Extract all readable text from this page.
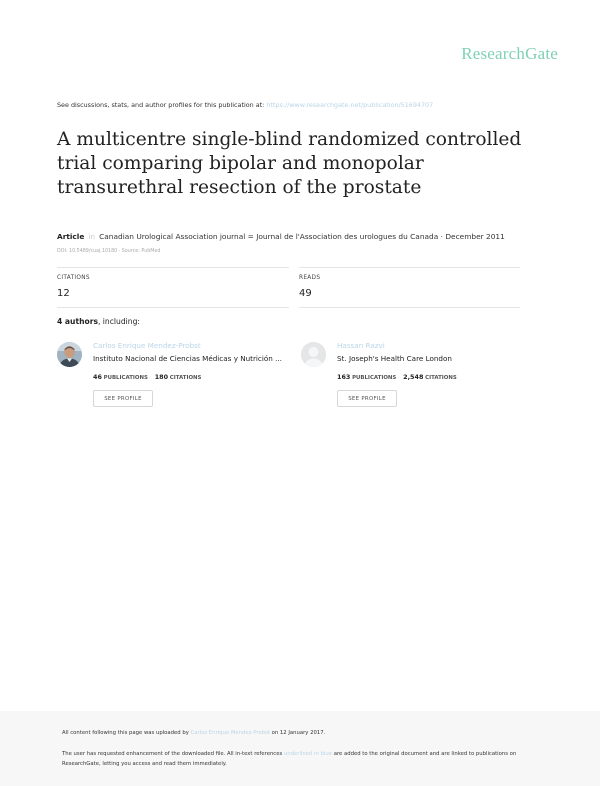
ResearchGate
See discussions, stats, and author profiles for this publication at: https://www.researchgate.net/publication/51694707
A multicentre single-blind randomized controlled
trial comparing bipolar and monopolar
transurethral resection of the prostate
Article in Canadian Urological Association journal = Journal de l'Association des urologues du Canada · December 2011
DOI: 10.5489/cuaj.10180 · Source: PubMed
CITATIONS
12
READS
49
4 authors, including:
Carlos Enrique Mendez-Probst
Instituto Nacional de Ciencias Médicas y Nutrición ...
46 PUBLICATIONS 180 CITATIONS
SEE PROFILE
Hassan Razvi
St. Joseph's Health Care London
163 PUBLICATIONS 2,548 CITATIONS
SEE PROFILE
All content following this page was uploaded by Carlos Enrique Mendez-Probst on 12 January 2017.
The user has requested enhancement of the downloaded file. All in-text references underlined in blue are added to the original document and are linked to publications on ResearchGate, letting you access and read them immediately.
